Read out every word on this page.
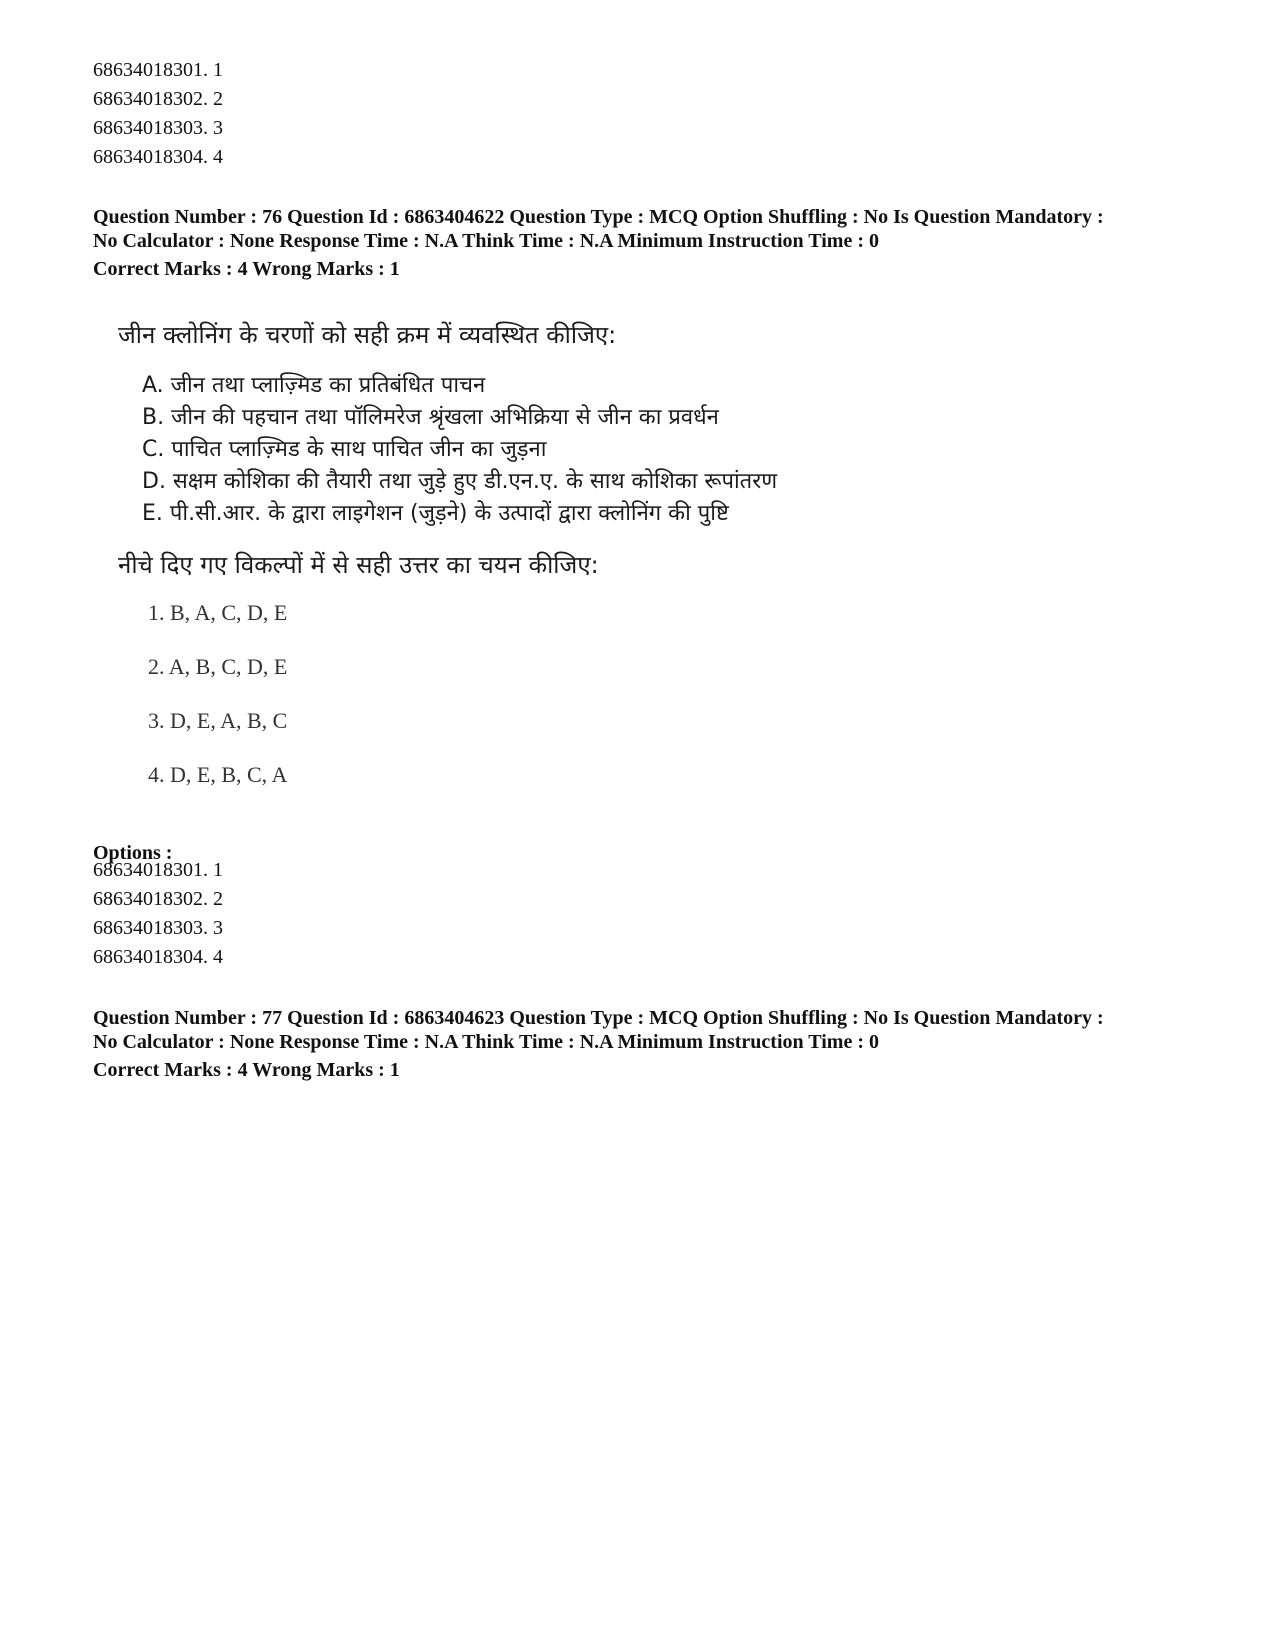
68634018301. 1
68634018302. 2
68634018303. 3
68634018304. 4
Question Number : 76 Question Id : 6863404622 Question Type : MCQ Option Shuffling : No Is Question Mandatory :
No Calculator : None Response Time : N.A Think Time : N.A Minimum Instruction Time : 0
Correct Marks : 4 Wrong Marks : 1
जीन क्लोनिंग के चरणों को सही क्रम में व्यवस्थित कीजिए:
A. जीन तथा प्लाज़्मिड का प्रतिबंधित पाचन
B. जीन की पहचान तथा पॉलिमरेज श्रृंखला अभिक्रिया से जीन का प्रवर्धन
C. पाचित प्लाज़्मिड के साथ पाचित जीन का जुड़ना
D. सक्षम कोशिका की तैयारी तथा जुड़े हुए डी.एन.ए. के साथ कोशिका रूपांतरण
E. पी.सी.आर. के द्वारा लाइगेशन (जुड़ने) के उत्पादों द्वारा क्लोनिंग की पुष्टि
नीचे दिए गए विकल्पों में से सही उत्तर का चयन कीजिए:
1. B, A, C, D, E
2. A, B, C, D, E
3. D, E, A, B, C
4. D, E, B, C, A
Options :
68634018301. 1
68634018302. 2
68634018303. 3
68634018304. 4
Question Number : 77 Question Id : 6863404623 Question Type : MCQ Option Shuffling : No Is Question Mandatory :
No Calculator : None Response Time : N.A Think Time : N.A Minimum Instruction Time : 0
Correct Marks : 4 Wrong Marks : 1
